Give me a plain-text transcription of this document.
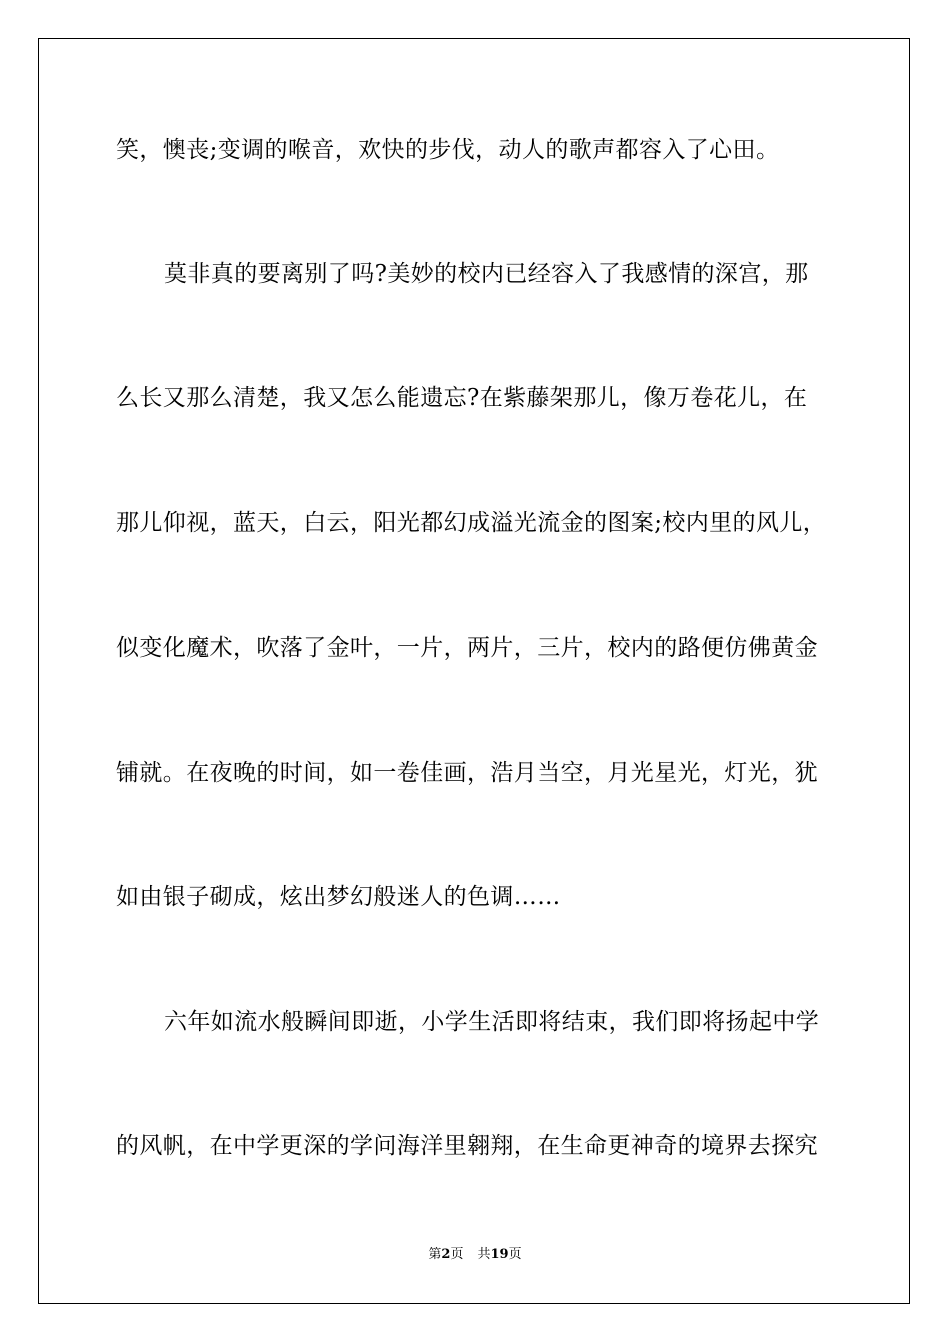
笑，懊丧;变调的喉音，欢快的步伐，动人的歌声都容入了心田。
莫非真的要离别了吗?美妙的校内已经容入了我感情的深宫，那
么长又那么清楚，我又怎么能遗忘?在紫藤架那儿，像万卷花儿，在
那儿仰视，蓝天，白云，阳光都幻成溢光流金的图案;校内里的风儿，
似变化魔术，吹落了金叶，一片，两片，三片，校内的路便仿佛黄金
铺就。在夜晚的时间，如一卷佳画，浩月当空，月光星光，灯光，犹
如由银子砌成，炫出梦幻般迷人的色调……
六年如流水般瞬间即逝，小学生活即将结束，我们即将扬起中学
的风帆，在中学更深的学问海洋里翱翔，在生命更神奇的境界去探究
第2页 共19页
